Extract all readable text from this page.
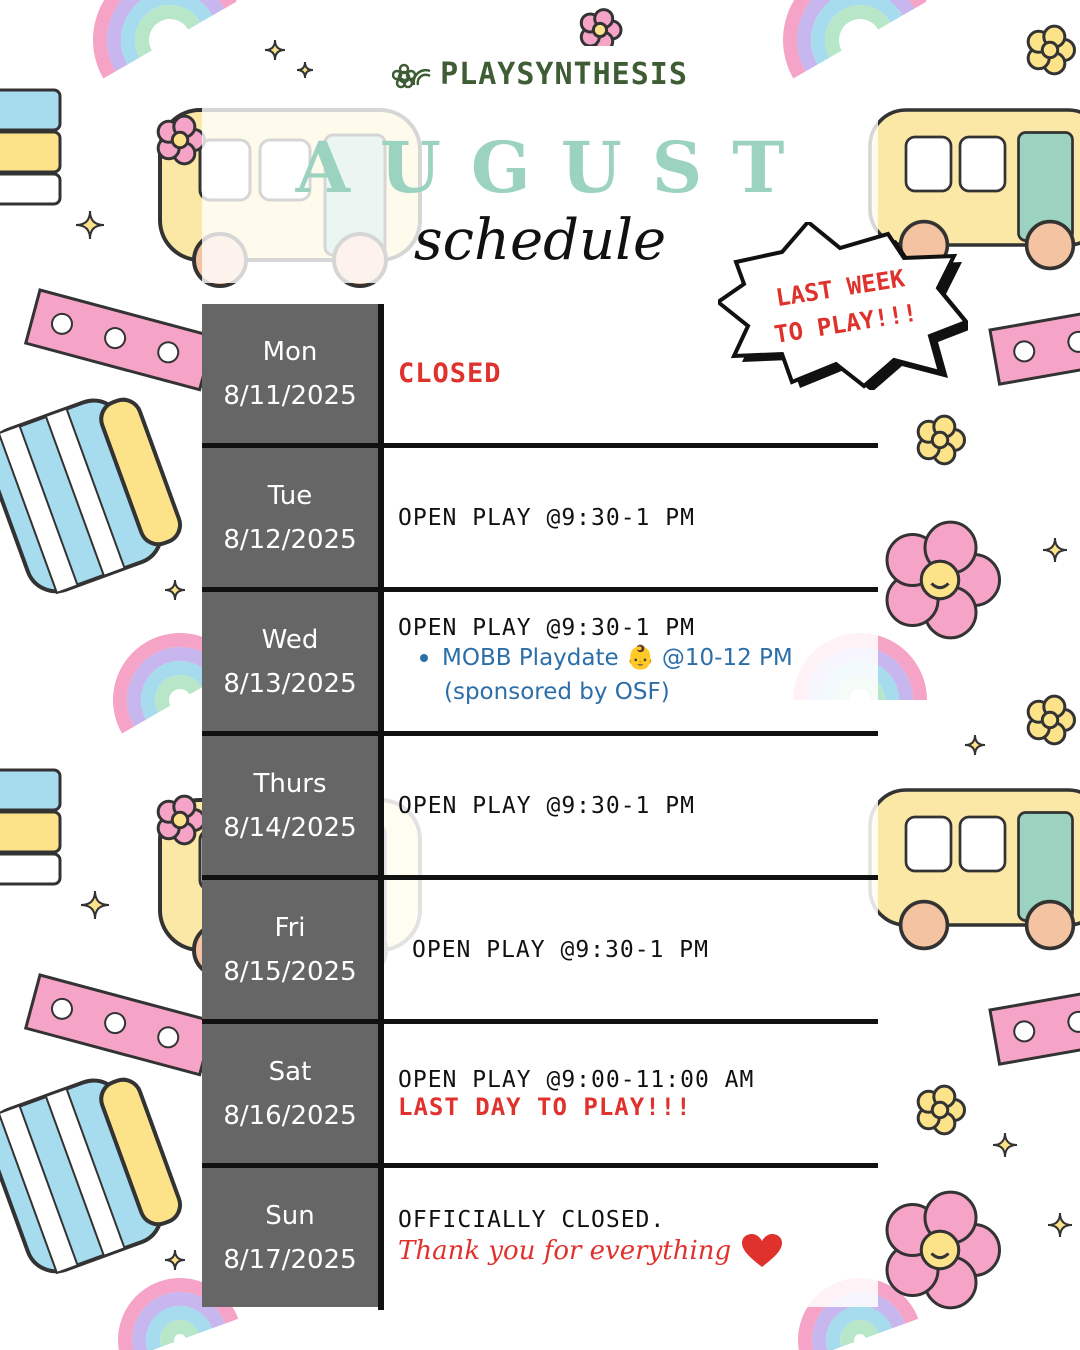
PLAYSYNTHESIS
AUGUST
schedule
Mon
8/11/2025
CLOSED
Tue
8/12/2025
OPEN PLAY @9:30-1 PM
Wed
8/13/2025
OPEN PLAY @9:30-1 PM
MOBB Playdate 👶 @10-12 PM
(sponsored by OSF)
Thurs
8/14/2025
OPEN PLAY @9:30-1 PM
Fri
8/15/2025
OPEN PLAY @9:30-1 PM
Sat
8/16/2025
OPEN PLAY @9:00-11:00 AM
LAST DAY TO PLAY!!!
Sun
8/17/2025
OFFICIALLY CLOSED.
Thank you for everything
LAST WEEK
TO PLAY!!!
